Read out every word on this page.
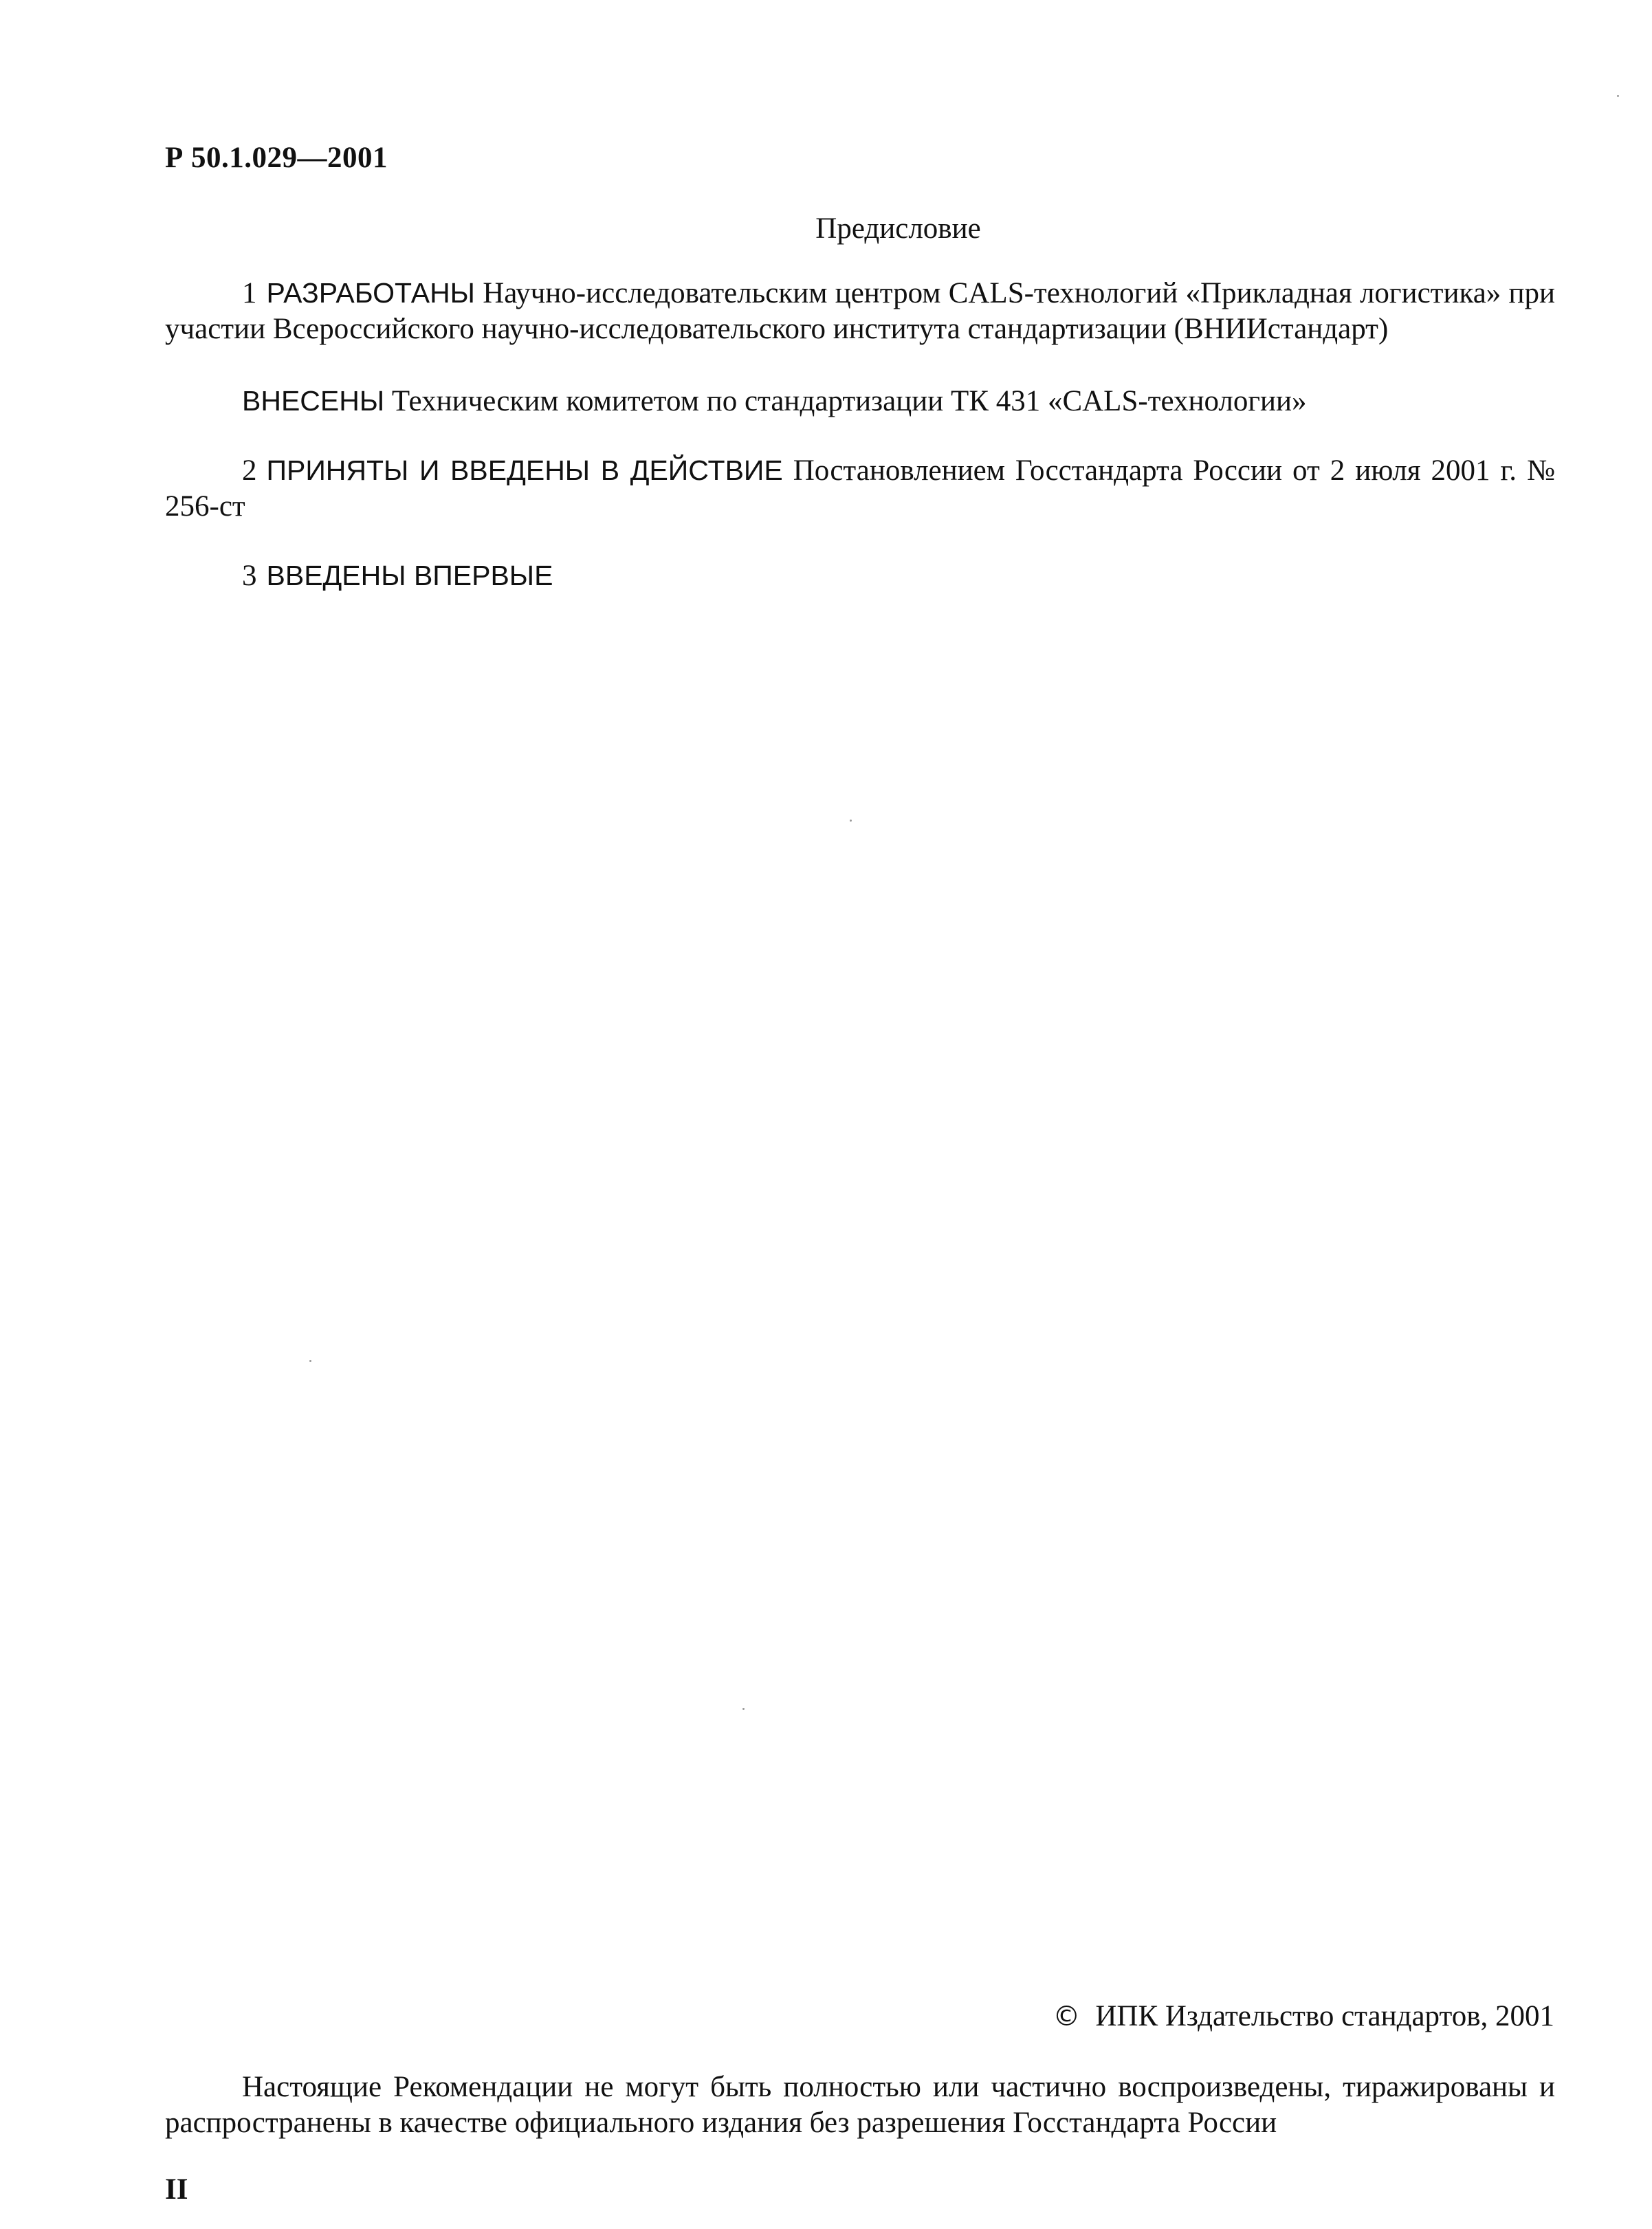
Р 50.1.029—2001
Предисловие

1 РАЗРАБОТАНЫ Научно-исследовательским центром CALS-технологий «Прикладная логистика» при участии Всероссийского научно-исследовательского института стандартизации (ВНИИстандарт)

ВНЕСЕНЫ Техническим комитетом по стандартизации ТК 431 «CALS-технологии»

2 ПРИНЯТЫ И ВВЕДЕНЫ В ДЕЙСТВИЕ Постановлением Госстандарта России от 2 июля 2001 г. № 256-ст

3 ВВЕДЕНЫ ВПЕРВЫЕ

© ИПК Издательство стандартов, 2001

Настоящие Рекомендации не могут быть полностью или частично воспроизведены, тиражированы и распространены в качестве официального издания без разрешения Госстандарта России

II
